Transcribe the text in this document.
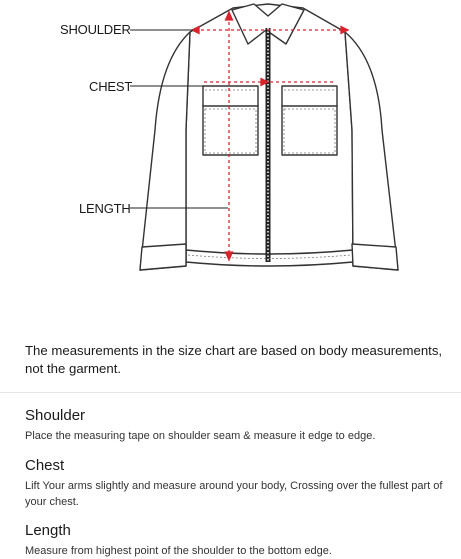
SHOULDER
CHEST
LENGTH
The measurements in the size chart are based on body measurements, not the garment.
Shoulder

Place the measuring tape on shoulder seam & measure it edge to edge.

Chest

Lift Your arms slightly and measure around your body, Crossing over the fullest part of your chest.

Length

Measure from highest point of the shoulder to the bottom edge.
